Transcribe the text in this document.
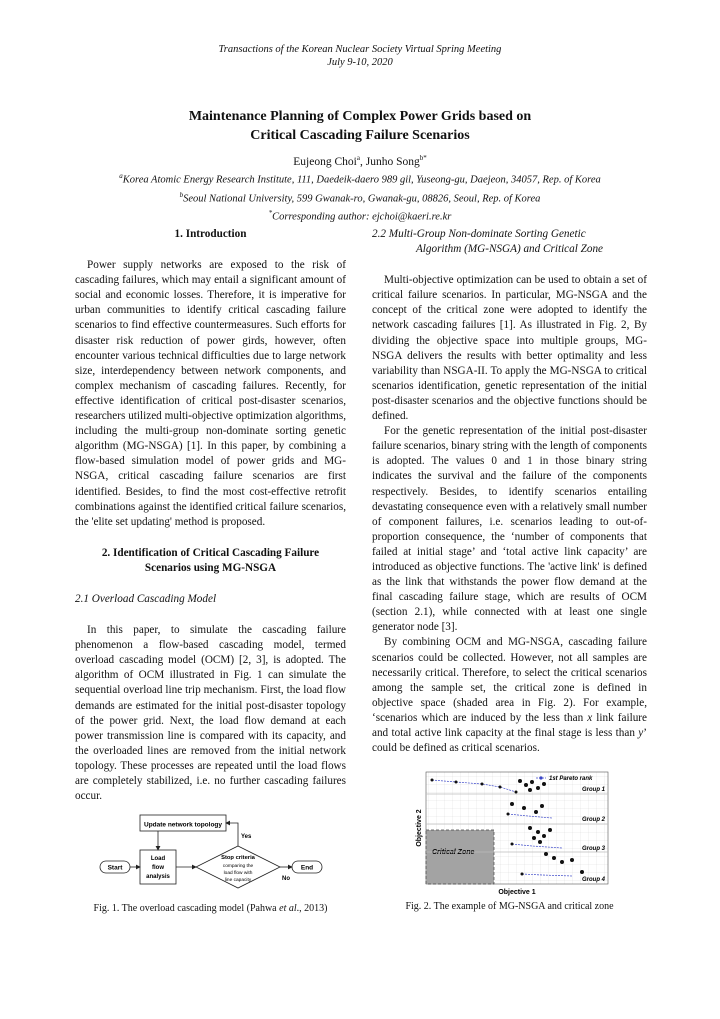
Transactions of the Korean Nuclear Society Virtual Spring Meeting
July 9-10, 2020
Maintenance Planning of Complex Power Grids based on
Critical Cascading Failure Scenarios
Eujeong Choi$^a$, Junho Song$^{b*}$
$^a$Korea Atomic Energy Research Institute, 111, Daedeik-daero 989 gil, Yuseong-gu, Daejeon, 34057, Rep. of Korea
$^b$Seoul National University, 599 Gwanak-ro, Gwanak-gu, 08826, Seoul, Rep. of Korea
*Corresponding author: ejchoi@kaeri.re.kr
1. Introduction

Power supply networks are exposed to the risk of cascading failures, which may entail a significant amount of social and economic losses. Therefore, it is imperative for urban communities to identify critical cascading failure scenarios to find effective countermeasures. Such efforts for disaster risk reduction of power girds, however, often encounter various technical difficulties due to large network size, interdependency between network components, and complex mechanism of cascading failures. Recently, for effective identification of critical post-disaster scenarios, researchers utilized multi-objective optimization algorithms, including the multi-group non-dominate sorting genetic algorithm (MG-NSGA) [1]. In this paper, by combining a flow-based simulation model of power grids and MG-NSGA, critical cascading failure scenarios are first identified. Besides, to find the most cost-effective retrofit combinations against the identified critical failure scenarios, the 'elite set updating' method is proposed.

2. Identification of Critical Cascading Failure
Scenarios using MG-NSGA
2.1 Overload Cascading Model

In this paper, to simulate the cascading failure phenomenon a flow-based cascading model, termed overload cascading model (OCM) [2, 3], is adopted. The algorithm of OCM illustrated in Fig. 1 can simulate the sequential overload line trip mechanism. First, the load flow demands are estimated for the initial post-disaster topology of the power grid. Next, the load flow demand at each power transmission line is compared with its capacity, and the overloaded lines are removed from the initial network topology. These processes are repeated until the load flows are completely stabilized, i.e. no further cascading failures occur.

Update network topology
Start
Load
flow
analysis
Stop criteria
comparing the
load flow with
line capacity
End
Yes
No
Fig. 1. The overload cascading model (Pahwa et al., 2013)
2.2 Multi-Group Non-dominate Sorting Genetic
Algorithm (MG-NSGA) and Critical Zone

Multi-objective optimization can be used to obtain a set of critical failure scenarios. In particular, MG-NSGA and the concept of the critical zone were adopted to identify the network cascading failures [1]. As illustrated in Fig. 2, By dividing the objective space into multiple groups, MG-NSGA delivers the results with better optimality and less variability than NSGA-II. To apply the MG-NSGA to critical scenarios identification, genetic representation of the initial post-disaster scenarios and the objective functions should be defined.

For the genetic representation of the initial post-disaster failure scenarios, binary string with the length of components is adopted. The values 0 and 1 in those binary string indicates the survival and the failure of the components respectively. Besides, to identify scenarios entailing devastating consequence even with a relatively small number of component failures, i.e. scenarios leading to out-of-proportion consequence, the ‘number of components that failed at initial stage’ and ‘total active link capacity’ are introduced as objective functions. The 'active link' is defined as the link that withstands the power flow demand at the final cascading failure stage, which are results of OCM (section 2.1), while connected with at least one single generator node [3].

By combining OCM and MG-NSGA, cascading failure scenarios could be collected. However, not all samples are necessarily critical. Therefore, to select the critical scenarios among the sample set, the critical zone is defined in objective space (shaded area in Fig. 2). For example, ‘scenarios which are induced by the less than x link failure and total active link capacity at the final stage is less than y’ could be defined as critical scenarios.

Critical Zone
Group 1
Group 2
Group 3
Group 4
1st Pareto rank
Objective 1
Objective 2
Fig. 2. The example of MG-NSGA and critical zone
